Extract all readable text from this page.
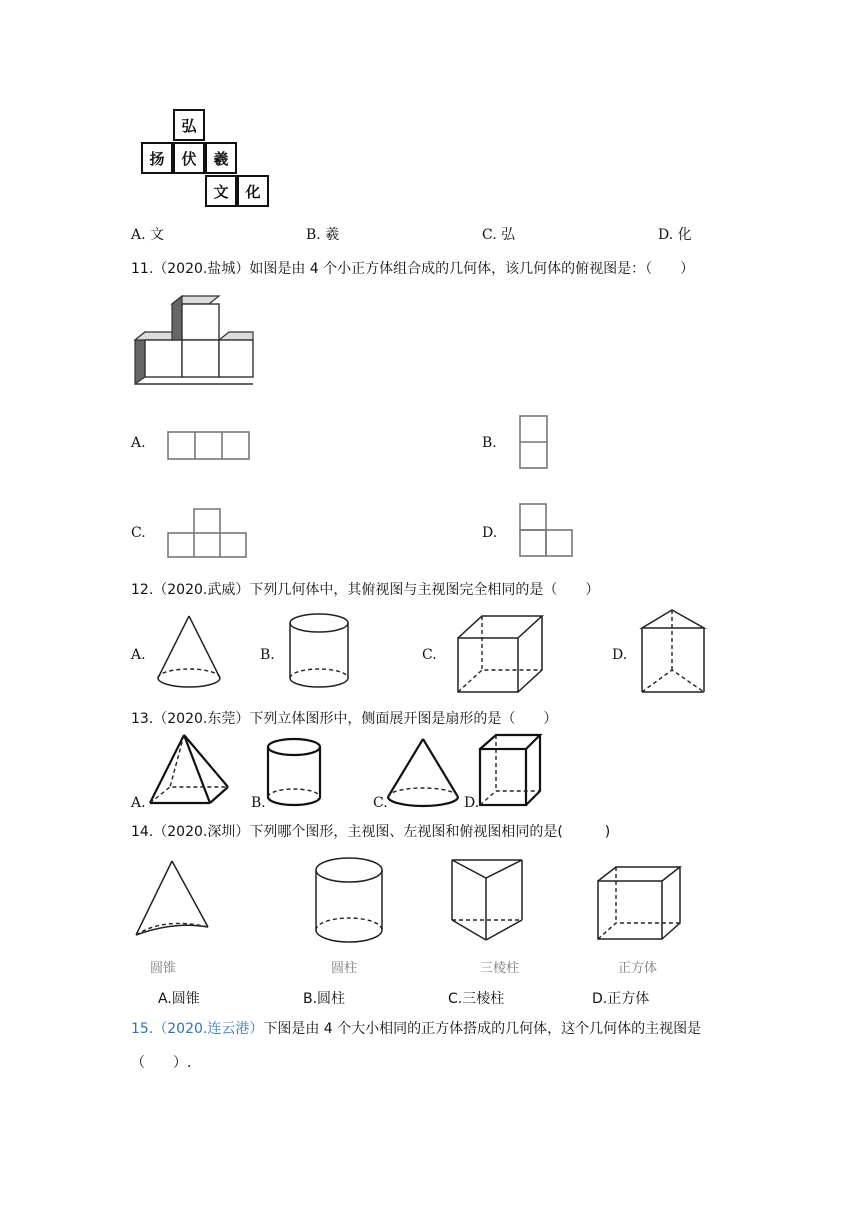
弘
扬	伏	羲
文	化
A. 文	B. 羲	C. 弘	D. 化
11.（2020.盐城）如图是由 4 个小正方体组合成的几何体，该几何体的俯视图是：（　　）
A.	B.
C.	D.
12.（2020.武威）下列几何体中，其俯视图与主视图完全相同的是（　　）
A.	B.	C.	D.
13.（2020.东莞）下列立体图形中，侧面展开图是扇形的是（　　）
A.	B.	C.	D.
14.（2020.深圳）下列哪个图形，主视图、左视图和俯视图相同的是(　　　)
圆锥	圆柱	三棱柱	正方体
A.圆锥	B.圆柱	C.三棱柱	D.正方体
15.（2020.连云港）下图是由 4 个大小相同的正方体搭成的几何体，这个几何体的主视图是
（　　）.
